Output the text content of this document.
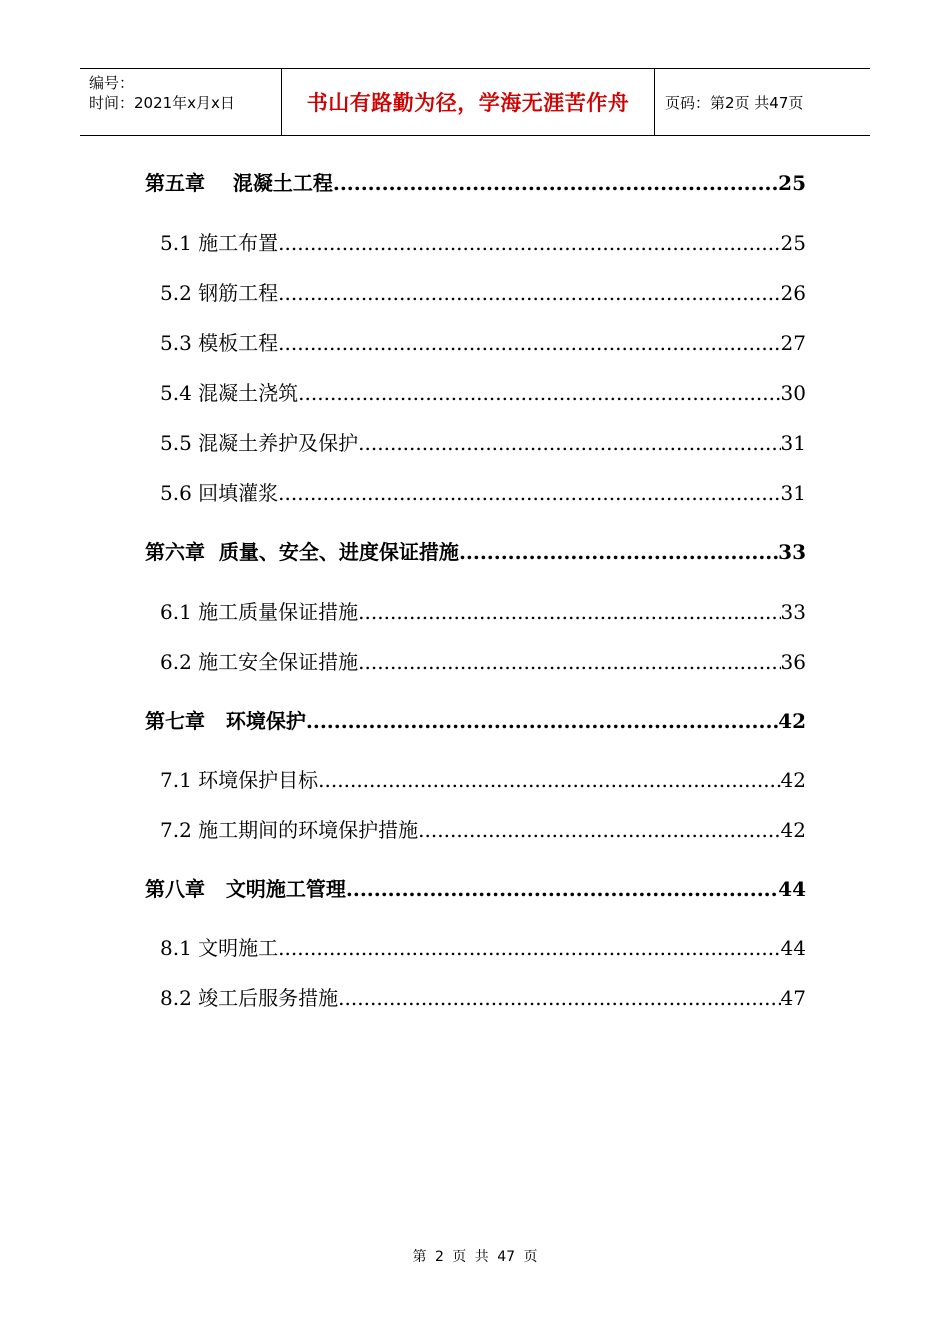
编号：
时间：2021年x月x日	书山有路勤为径，学海无涯苦作舟	页码：第2页 共47页
第五章    混凝土工程 .....	25
5.1 施工布置 .....	25
5.2 钢筋工程 .....	26
5.3 模板工程 .....	27
5.4 混凝土浇筑 .....	30
5.5 混凝土养护及保护 .....	31
5.6 回填灌浆 .....	31
第六章  质量、安全、进度保证措施 .....	33
6.1 施工质量保证措施 .....	33
6.2 施工安全保证措施 .....	36
第七章   环境保护 .....	42
7.1 环境保护目标 .....	42
7.2 施工期间的环境保护措施 .....	42
第八章   文明施工管理 .....	44
8.1 文明施工 .....	44
8.2 竣工后服务措施 .....	47
第 2 页 共 47 页
